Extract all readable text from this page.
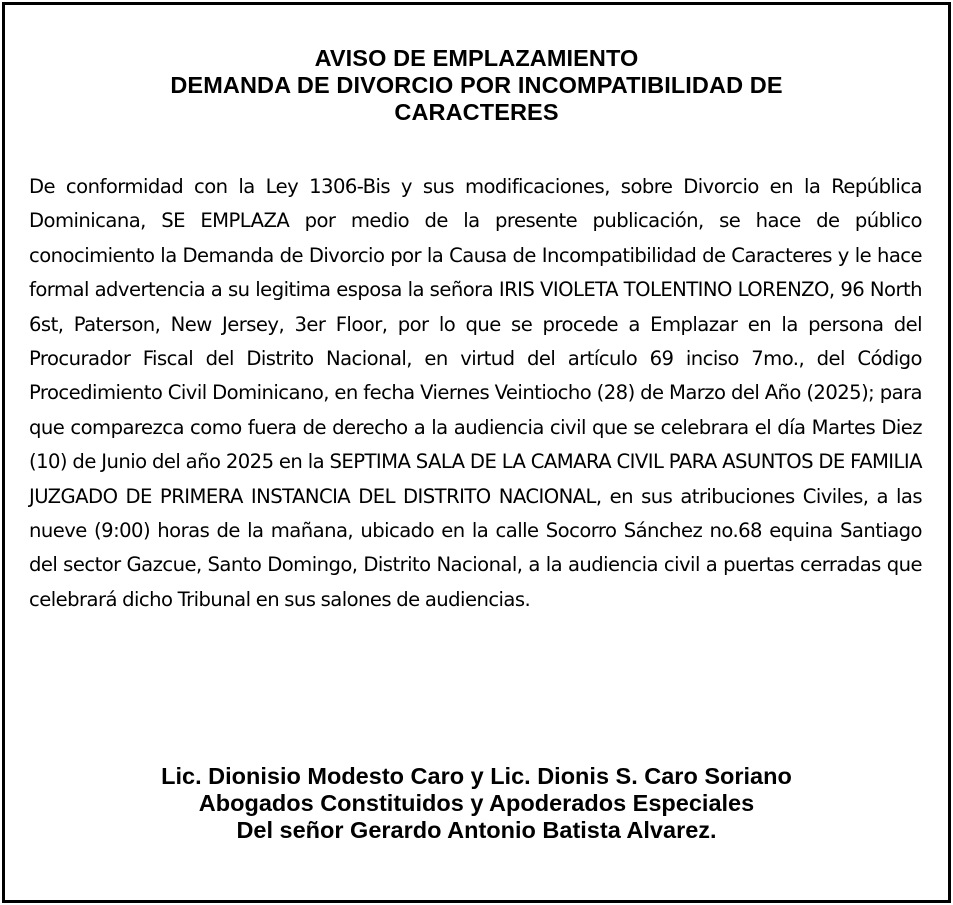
AVISO DE EMPLAZAMIENTO
DEMANDA DE DIVORCIO POR INCOMPATIBILIDAD DE
CARACTERES

De conformidad con la Ley 1306-Bis y sus modificaciones, sobre Divorcio en la República Dominicana, SE EMPLAZA por medio de la presente publicación, se hace de público conocimiento la Demanda de Divorcio por la Causa de Incompatibilidad de Caracteres y le hace formal advertencia a su legitima esposa la señora IRIS VIOLETA TOLENTINO LORENZO, 96 North 6st, Paterson, New Jersey, 3er Floor, por lo que se procede a Emplazar en la persona del Procurador Fiscal del Distrito Nacional, en virtud del artículo 69 inciso 7mo., del Código Procedimiento Civil Dominicano, en fecha Viernes Veintiocho (28) de Marzo del Año (2025); para que comparezca como fuera de derecho a la audiencia civil que se celebrara el día Martes Diez (10) de Junio del año 2025 en la SEPTIMA SALA DE LA CAMARA CIVIL PARA ASUNTOS DE FAMILIA JUZGADO DE PRIMERA INSTANCIA DEL DISTRITO NACIONAL, en sus atribuciones Civiles, a las nueve (9:00) horas de la mañana, ubicado en la calle Socorro Sánchez no.68 equina Santiago del sector Gazcue, Santo Domingo, Distrito Nacional, a la audiencia civil a puertas cerradas que celebrará dicho Tribunal en sus salones de audiencias.

Lic. Dionisio Modesto Caro y Lic. Dionis S. Caro Soriano
Abogados Constituidos y Apoderados Especiales
Del señor Gerardo Antonio Batista Alvarez.
